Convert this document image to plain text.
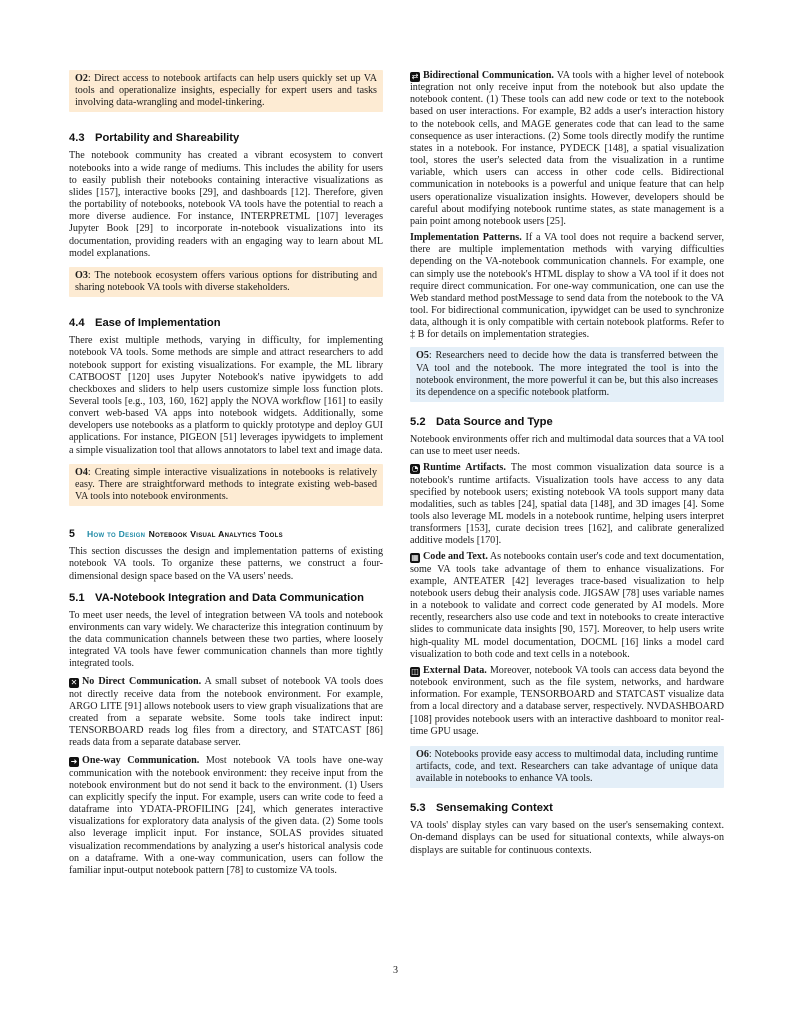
O2: Direct access to notebook artifacts can help users quickly set up VA tools and operationalize insights, especially for expert users and tasks involving data-wrangling and model-tinkering.

4.3 Portability and Shareability

The notebook community has created a vibrant ecosystem to convert notebooks into a wide range of mediums. This includes the ability for users to easily publish their notebooks containing interactive visualizations as slides [157], interactive books [29], and dashboards [12]. Therefore, given the portability of notebooks, notebook VA tools have the potential to reach a more diverse audience. For instance, INTERPRETML [107] leverages Jupyter Book [29] to incorporate in-notebook visualizations into its documentation, providing readers with an engaging way to learn about ML model explanations.

O3: The notebook ecosystem offers various options for distributing and sharing notebook VA tools with diverse stakeholders.

4.4 Ease of Implementation

There exist multiple methods, varying in difficulty, for implementing notebook VA tools. Some methods are simple and attract researchers to add notebook support for existing visualizations. For example, the ML library CATBOOST [120] uses Jupyter Notebook's native ipywidgets to add checkboxes and sliders to help users customize simple loss function plots. Several tools [e.g., 103, 160, 162] apply the NOVA workflow [161] to easily convert web-based VA apps into notebook widgets. Additionally, some developers use notebooks as a platform to quickly prototype and deploy GUI applications. For instance, PIGEON [51] leverages ipywidgets to implement a simple visualization tool that allows annotators to label text and image data.

O4: Creating simple interactive visualizations in notebooks is relatively easy. There are straightforward methods to integrate existing web-based VA tools into notebook environments.

5 How to Design Notebook Visual Analytics Tools

This section discusses the design and implementation patterns of existing notebook VA tools. To organize these patterns, we construct a four-dimensional design space based on the VA users' needs.

5.1 VA-Notebook Integration and Data Communication

To meet user needs, the level of integration between VA tools and notebook environments can vary widely. We characterize this integration continuum by the data communication channels between these two parties, where loosely integrated VA tools have fewer communication channels than more tightly integrated tools.

✕ No Direct Communication. A small subset of notebook VA tools does not directly receive data from the notebook environment. For example, ARGO LITE [91] allows notebook users to view graph visualizations that are created from a separate website. Some tools take indirect input: TENSORBOARD reads log files from a directory, and STATCAST [86] reads data from a separate database server.

➜ One-way Communication. Most notebook VA tools have one-way communication with the notebook environment: they receive input from the notebook environment but do not send it back to the environment. (1) Users can explicitly specify the input. For example, users can write code to feed a dataframe into YDATA-PROFILING [24], which generates interactive visualizations for exploratory data analysis of the given data. (2) Some tools also leverage implicit input. For instance, SOLAS provides situated visualization recommendations by analyzing a user's historical analysis code on a dataframe. With a one-way communication, users can follow the familiar input-output notebook pattern [78] to customize VA tools.

⇄ Bidirectional Communication. VA tools with a higher level of notebook integration not only receive input from the notebook but also update the notebook content. (1) These tools can add new code or text to the notebook based on user interactions. For example, B2 adds a user's interaction history to the notebook cells, and MAGE generates code that can lead to the same consequence as user interactions. (2) Some tools directly modify the runtime states in a notebook. For instance, PYDECK [148], a spatial visualization tool, stores the user's selected data from the visualization in a runtime variable, which users can access in other code cells. Bidirectional communication in notebooks is a powerful and unique feature that can help users operationalize visualization insights. However, developers should be careful about modifying notebook runtime states, as state management is a pain point among notebook users [25].

Implementation Patterns. If a VA tool does not require a backend server, there are multiple implementation methods with varying difficulties depending on the VA-notebook communication channels. For example, one can simply use the notebook's HTML display to show a VA tool if it does not require direct communication. For one-way communication, one can use the Web standard method postMessage to send data from the notebook to the VA tool. For bidirectional communication, ipywidget can be used to synchronize data, although it is only compatible with certain notebook platforms. Refer to ‡ B for details on implementation strategies.

O5: Researchers need to decide how the data is transferred between the VA tool and the notebook. The more integrated the tool is into the notebook environment, the more powerful it can be, but this also increases its dependence on a specific notebook platform.

5.2 Data Source and Type

Notebook environments offer rich and multimodal data sources that a VA tool can use to meet user needs.

◔ Runtime Artifacts. The most common visualization data source is a notebook's runtime artifacts. Visualization tools have access to any data specified by notebook users; existing notebook VA tools support many data modalities, such as tables [24], spatial data [148], and 3D images [4]. Some tools also leverage ML models in a notebook runtime, helping users interpret transformers [153], curate decision trees [162], and calibrate generalized additive models [170].

▦ Code and Text. As notebooks contain user's code and text documentation, some VA tools take advantage of them to enhance visualizations. For example, ANTEATER [42] leverages trace-based visualization to help notebook users debug their analysis code. JIGSAW [78] uses variable names in a notebook to validate and correct code generated by AI models. More recently, researchers also use code and text in notebooks to create interactive slides to communicate data insights [90, 157]. Moreover, to help users write high-quality ML model documentation, DOCML [16] links a model card visualization to both code and text cells in a notebook.

◫ External Data. Moreover, notebook VA tools can access data beyond the notebook environment, such as the file system, networks, and hardware information. For example, TENSORBOARD and STATCAST visualize data from a local directory and a database server, respectively. NVDASHBOARD [108] provides notebook users with an interactive dashboard to monitor real-time GPU usage.

O6: Notebooks provide easy access to multimodal data, including runtime artifacts, code, and text. Researchers can take advantage of unique data available in notebooks to enhance VA tools.

5.3 Sensemaking Context

VA tools' display styles can vary based on the user's sensemaking context. On-demand displays can be used for situational contexts, while always-on displays are suitable for continuous contexts.

3
